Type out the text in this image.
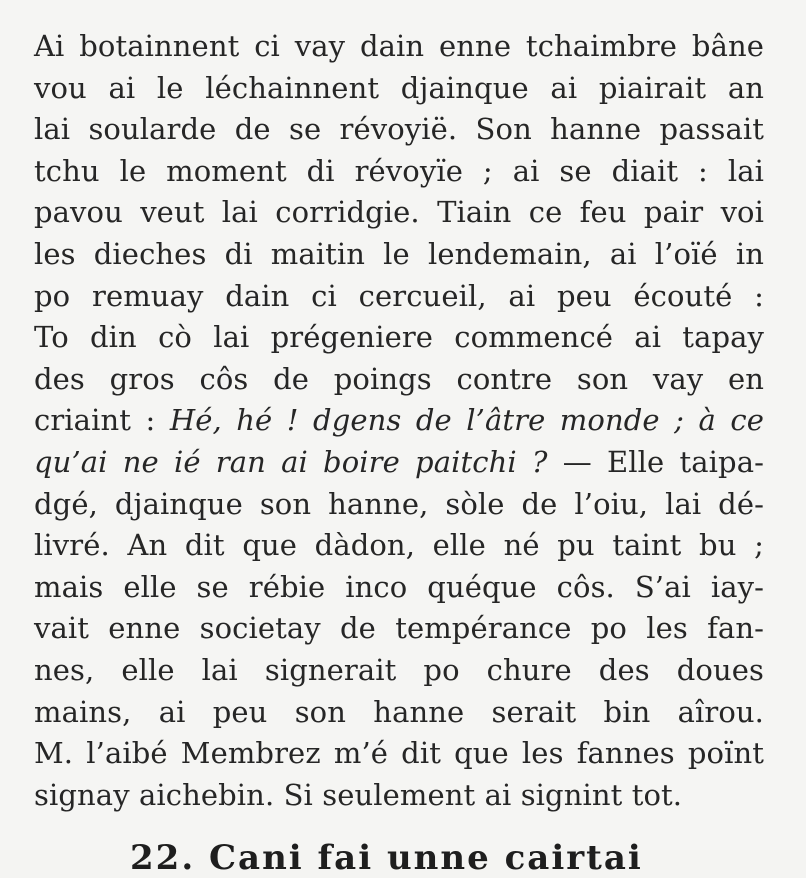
Ai botainnent ci vay dain enne tchaimbre bâne
vou ai le léchainnent djainque ai piairait an
lai soularde de se révoyië. Son hanne passait
tchu le moment di révoyïe ; ai se diait : lai
pavou veut lai corridgie. Tiain ce feu pair voi
les dieches di maitin le lendemain, ai l’oïé in
po remuay dain ci cercueil, ai peu écouté :
To din cò lai prégeniere commencé ai tapay
des gros côs de poings contre son vay en
criaint : Hé, hé ! dgens de l’âtre monde ; à ce
qu’ai ne ié ran ai boire paitchi ? — Elle taipa-
dgé, djainque son hanne, sòle de l’oiu, lai dé-
livré. An dit que dàdon, elle né pu taint bu ;
mais elle se rébie inco quéque côs. S’ai iay-
vait enne societay de tempérance po les fan-
nes, elle lai signerait po chure des doues
mains, ai peu son hanne serait bin aîrou.
M. l’aibé Membrez m’é dit que les fannes poïnt
signay aichebin. Si seulement ai signint tot.
22. Cani fai unne cairtai
